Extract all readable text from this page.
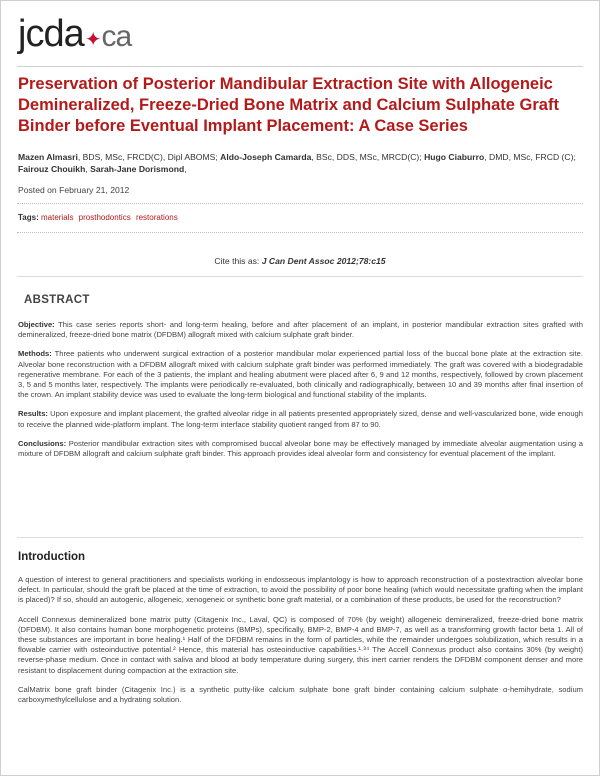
jcda✦ca
Preservation of Posterior Mandibular Extraction Site with Allogeneic Demineralized, Freeze-Dried Bone Matrix and Calcium Sulphate Graft Binder before Eventual Implant Placement: A Case Series
Mazen Almasri, BDS, MSc, FRCD(C), Dipl ABOMS; Aldo-Joseph Camarda, BSc, DDS, MSc, MRCD(C); Hugo Ciaburro, DMD, MSc, FRCD (C); Fairouz Chouikh, Sarah-Jane Dorismond,
Posted on February 21, 2012
Tags: materials prosthodontics restorations
Cite this as: J Can Dent Assoc 2012;78:c15
ABSTRACT

Objective: This case series reports short- and long-term healing, before and after placement of an implant, in posterior mandibular extraction sites grafted with demineralized, freeze-dried bone matrix (DFDBM) allograft mixed with calcium sulphate graft binder.

Methods: Three patients who underwent surgical extraction of a posterior mandibular molar experienced partial loss of the buccal bone plate at the extraction site. Alveolar bone reconstruction with a DFDBM allograft mixed with calcium sulphate graft binder was performed immediately. The graft was covered with a biodegradable regenerative membrane. For each of the 3 patients, the implant and healing abutment were placed after 6, 9 and 12 months, respectively, followed by crown placement 3, 5 and 5 months later, respectively. The implants were periodically re-evaluated, both clinically and radiographically, between 10 and 39 months after final insertion of the crown. An implant stability device was used to evaluate the long-term biological and functional stability of the implants.

Results: Upon exposure and implant placement, the grafted alveolar ridge in all patients presented appropriately sized, dense and well-vascularized bone, wide enough to receive the planned wide-platform implant. The long-term interface stability quotient ranged from 87 to 90.

Conclusions: Posterior mandibular extraction sites with compromised buccal alveolar bone may be effectively managed by immediate alveolar augmentation using a mixture of DFDBM allograft and calcium sulphate graft binder. This approach provides ideal alveolar form and consistency for eventual placement of the implant.

Introduction

A question of interest to general practitioners and specialists working in endosseous implantology is how to approach reconstruction of a postextraction alveolar bone defect. In particular, should the graft be placed at the time of extraction, to avoid the possibility of poor bone healing (which would necessitate grafting when the implant is placed)? If so, should an autogenic, allogeneic, xenogeneic or synthetic bone graft material, or a combination of these products, be used for the reconstruction?

Accell Connexus demineralized bone matrix putty (Citagenix Inc., Laval, QC) is composed of 70% (by weight) allogeneic demineralized, freeze-dried bone matrix (DFDBM). It also contains human bone morphogenetic proteins (BMPs), specifically, BMP-2, BMP-4 and BMP-7, as well as a transforming growth factor beta 1. All of these substances are important in bone healing.¹ Half of the DFDBM remains in the form of particles, while the remainder undergoes solubilization, which results in a flowable carrier with osteoinductive potential.² Hence, this material has osteoinductive capabilities.¹·³⁴ The Accell Connexus product also contains 30% (by weight) reverse-phase medium. Once in contact with saliva and blood at body temperature during surgery, this inert carrier renders the DFDBM component denser and more resistant to displacement during compaction at the extraction site.

CalMatrix bone graft binder (Citagenix Inc.) is a synthetic putty-like calcium sulphate bone graft binder containing calcium sulphate α-hemihydrate, sodium carboxymethylcellulose and a hydrating solution.
